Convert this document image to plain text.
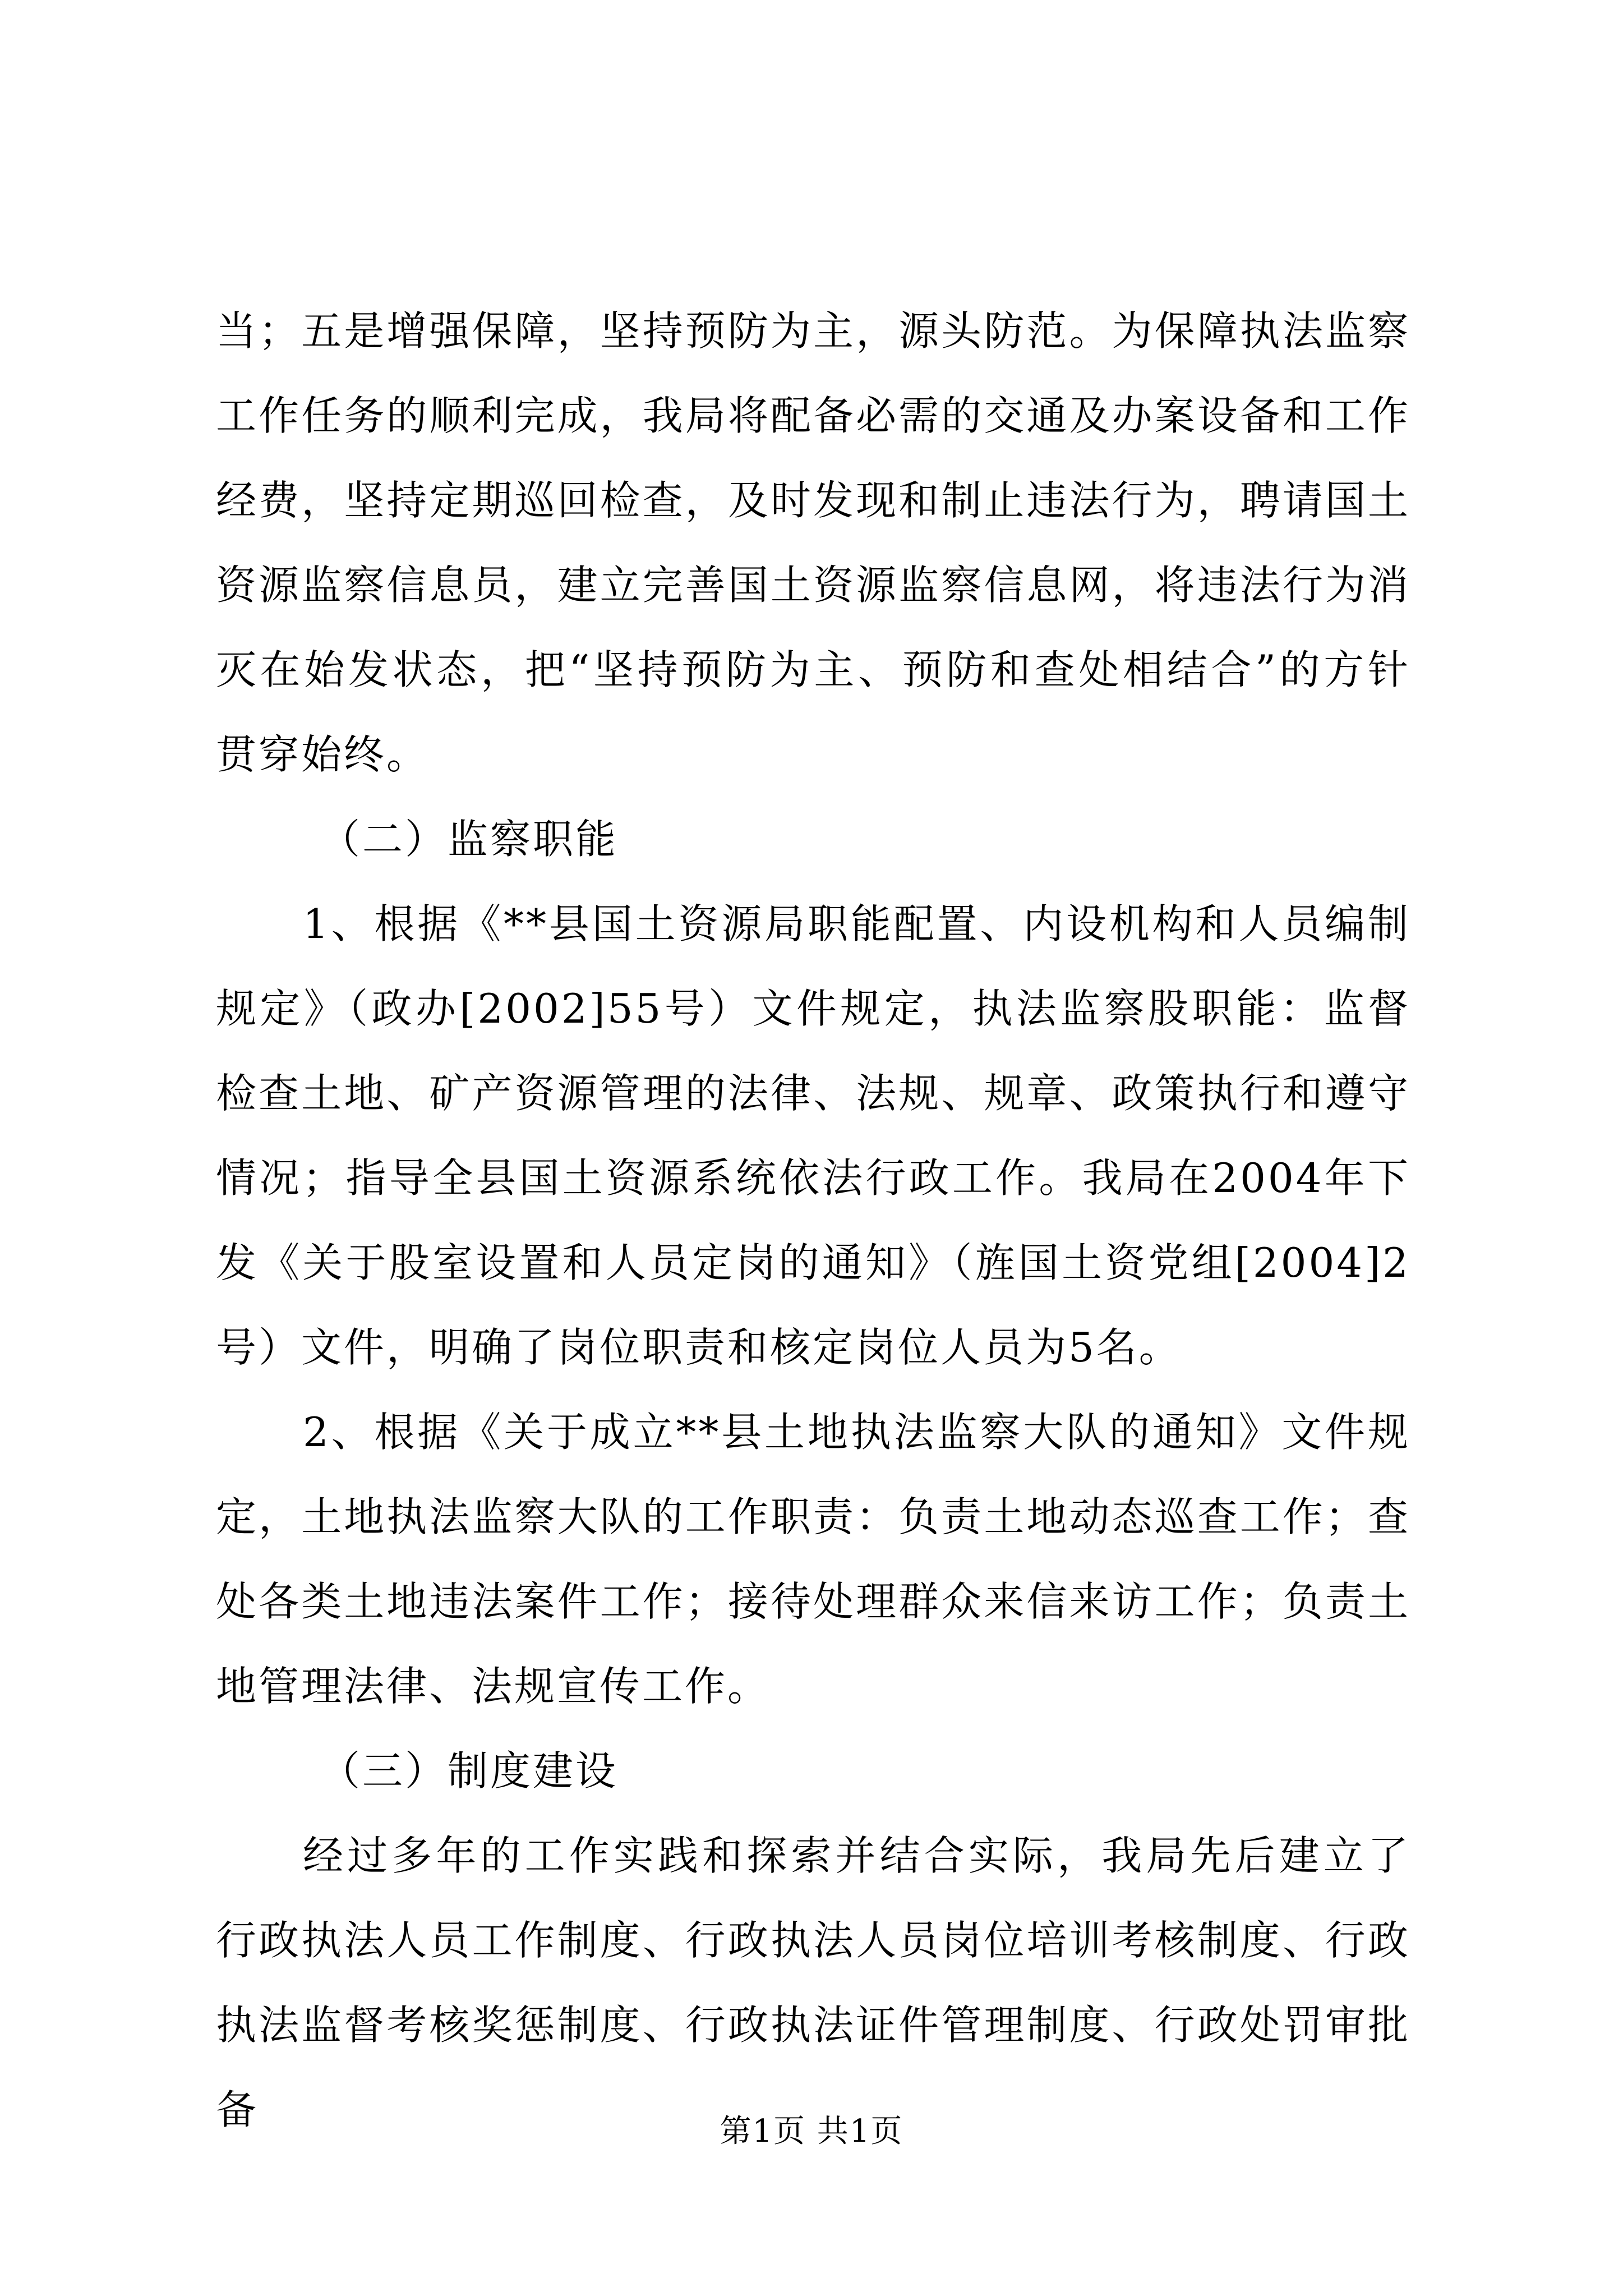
当；五是增强保障，坚持预防为主，源头防范。为保障执法监察工作任务的顺利完成，我局将配备必需的交通及办案设备和工作经费，坚持定期巡回检查，及时发现和制止违法行为，聘请国土资源监察信息员，建立完善国土资源监察信息网，将违法行为消灭在始发状态，把“坚持预防为主、预防和查处相结合”的方针贯穿始终。

（二）监察职能

1、根据《**县国土资源局职能配置、内设机构和人员编制规定》（政办[2002]55号）文件规定，执法监察股职能：监督检查土地、矿产资源管理的法律、法规、规章、政策执行和遵守情况；指导全县国土资源系统依法行政工作。我局在2004年下发《关于股室设置和人员定岗的通知》（旌国土资党组[2004]2号）文件，明确了岗位职责和核定岗位人员为5名。

2、根据《关于成立**县土地执法监察大队的通知》文件规定，土地执法监察大队的工作职责：负责土地动态巡查工作；查处各类土地违法案件工作；接待处理群众来信来访工作；负责土地管理法律、法规宣传工作。

（三）制度建设

经过多年的工作实践和探索并结合实际，我局先后建立了行政执法人员工作制度、行政执法人员岗位培训考核制度、行政执法监督考核奖惩制度、行政执法证件管理制度、行政处罚审批备	第1页 共1页
